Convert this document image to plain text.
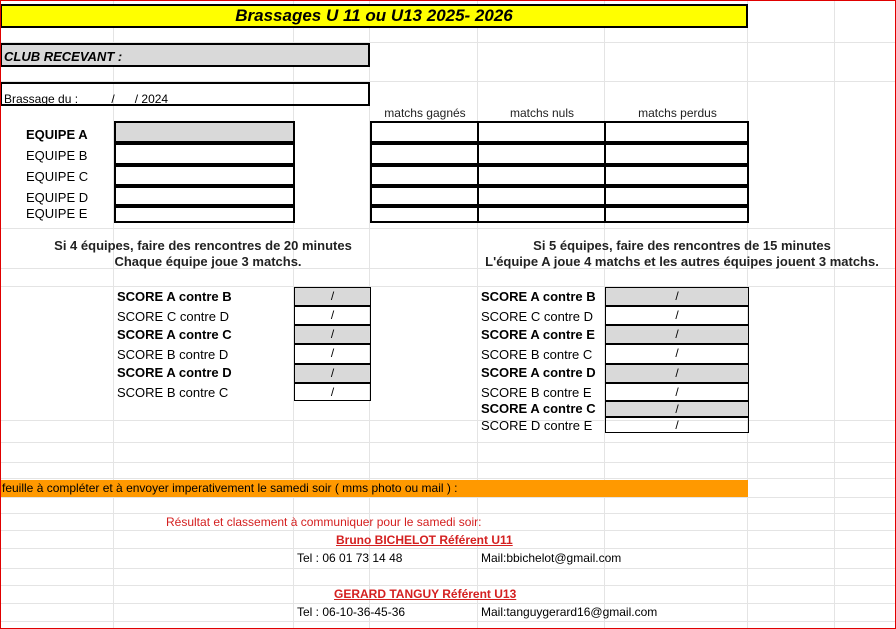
Brassages U 11 ou U13 2025- 2026
CLUB RECEVANT :
Brassage du :          /      / 2024
matchs gagnés	matchs nuls	matchs perdus
EQUIPE A
EQUIPE B
EQUIPE C
EQUIPE D
EQUIPE E
Si 4 équipes, faire des rencontres de 20 minutes
Chaque équipe joue 3 matchs.
Si 5 équipes, faire des rencontres de 15 minutes
L'équipe A joue 4 matchs et les autres équipes jouent 3 matchs.
SCORE A contre B	/
SCORE C contre D	/
SCORE A contre C	/
SCORE B contre D	/
SCORE A contre D	/
SCORE B contre C	/
SCORE A contre B	/
SCORE C contre D	/
SCORE A contre E	/
SCORE B contre C	/
SCORE A contre D	/
SCORE B contre E	/
SCORE A contre C	/
SCORE D contre E	/
feuille à compléter et à envoyer imperativement le samedi soir ( mms photo ou mail ) :
Résultat et classement à communiquer pour le samedi soir:
Bruno BICHELOT Référent U11
Tel : 06 01 73 14 48	Mail:bbichelot@gmail.com
GERARD TANGUY Référent U13
Tel : 06-10-36-45-36	Mail:tanguygerard16@gmail.com
